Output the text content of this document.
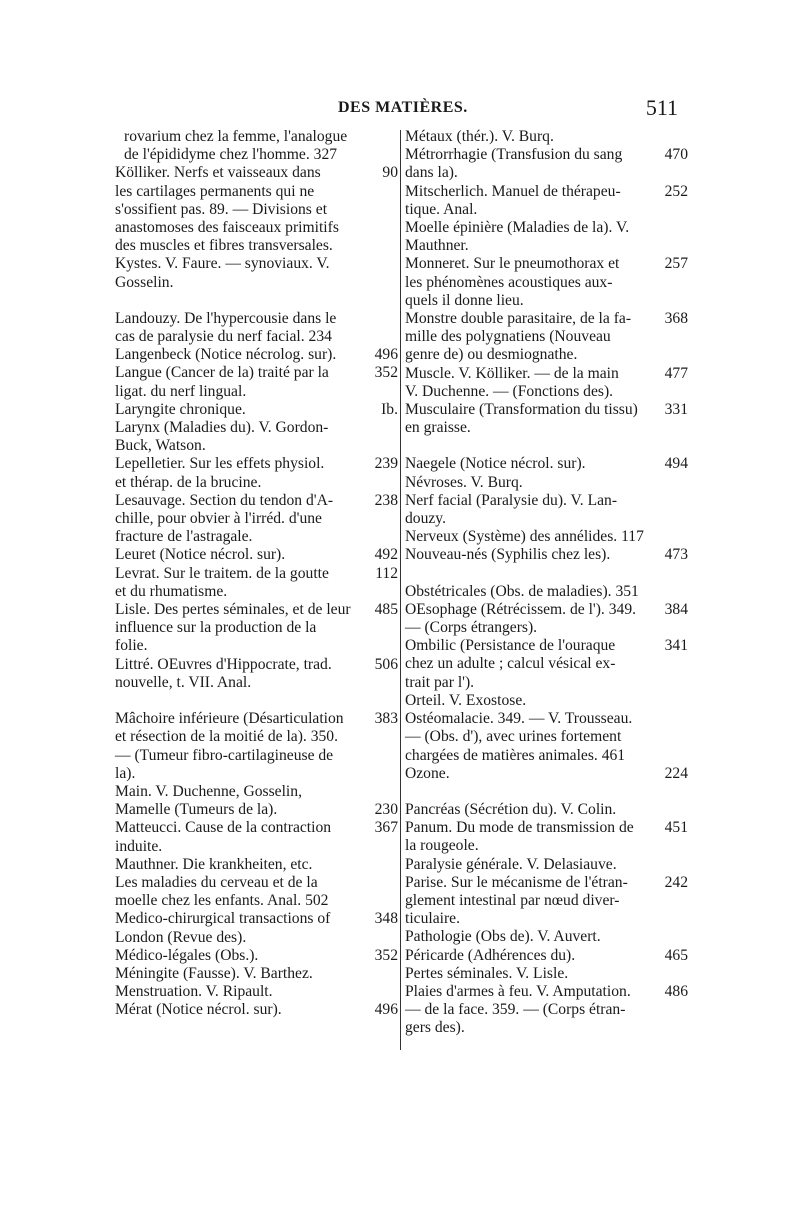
DES MATIÈRES.	511

rovarium chez la femme, l'analogue
de l'épididyme chez l'homme. 327

90
Kölliker. Nerfs et vaisseaux dans
les cartilages permanents qui ne
s'ossifient pas. 89. — Divisions et
anastomoses des faisceaux primitifs
des muscles et fibres transversales.

Kystes. V. Faure. — synoviaux. V.
Gosselin.

Landouzy. De l'hypercousie dans le
cas de paralysie du nerf facial. 234

496
Langenbeck (Notice nécrolog. sur).

352
Langue (Cancer de la) traité par la
ligat. du nerf lingual.

Ib.
Laryngite chronique.

Larynx (Maladies du). V. Gordon-
Buck, Watson.

239
Lepelletier. Sur les effets physiol.
et thérap. de la brucine.

238
Lesauvage. Section du tendon d'A-
chille, pour obvier à l'irréd. d'une
fracture de l'astragale.

492
Leuret (Notice nécrol. sur).

112
Levrat. Sur le traitem. de la goutte
et du rhumatisme.

485
Lisle. Des pertes séminales, et de leur
influence sur la production de la
folie.

506
Littré. OEuvres d'Hippocrate, trad.
nouvelle, t. VII. Anal.

383
Mâchoire inférieure (Désarticulation
et résection de la moitié de la). 350.
— (Tumeur fibro-cartilagineuse de
la).

Main. V. Duchenne, Gosselin,

230
Mamelle (Tumeurs de la).

367
Matteucci. Cause de la contraction
induite.

Mauthner. Die krankheiten, etc.
Les maladies du cerveau et de la
moelle chez les enfants. Anal. 502

348
Medico-chirurgical transactions of
London (Revue des).

352
Médico-légales (Obs.).

Méningite (Fausse). V. Barthez.

Menstruation. V. Ripault.

496
Mérat (Notice nécrol. sur).

Métaux (thér.). V. Burq.

470
Métrorrhagie (Transfusion du sang
dans la).

252
Mitscherlich. Manuel de thérapeu-
tique. Anal.

Moelle épinière (Maladies de la). V.
Mauthner.

257
Monneret. Sur le pneumothorax et
les phénomènes acoustiques aux-
quels il donne lieu.

368
Monstre double parasitaire, de la fa-
mille des polygnatiens (Nouveau
genre de) ou desmiognathe.

477
Muscle. V. Kölliker. — de la main
V. Duchenne. — (Fonctions des).

331
Musculaire (Transformation du tissu)
en graisse.

494
Naegele (Notice nécrol. sur).

Névroses. V. Burq.

Nerf facial (Paralysie du). V. Lan-
douzy.

Nerveux (Système) des annélides. 117

473
Nouveau-nés (Syphilis chez les).

Obstétricales (Obs. de maladies). 351

384
OEsophage (Rétrécissem. de l'). 349.
— (Corps étrangers).

341
Ombilic (Persistance de l'ouraque
chez un adulte ; calcul vésical ex-
trait par l').

Orteil. V. Exostose.

Ostéomalacie. 349. — V. Trousseau.
— (Obs. d'), avec urines fortement
chargées de matières animales. 461

224
Ozone.

Pancréas (Sécrétion du). V. Colin.

451
Panum. Du mode de transmission de
la rougeole.

Paralysie générale. V. Delasiauve.

242
Parise. Sur le mécanisme de l'étran-
glement intestinal par nœud diver-
ticulaire.

Pathologie (Obs de). V. Auvert.

465
Péricarde (Adhérences du).

Pertes séminales. V. Lisle.

486
Plaies d'armes à feu. V. Amputation.
— de la face. 359. — (Corps étran-
gers des).
